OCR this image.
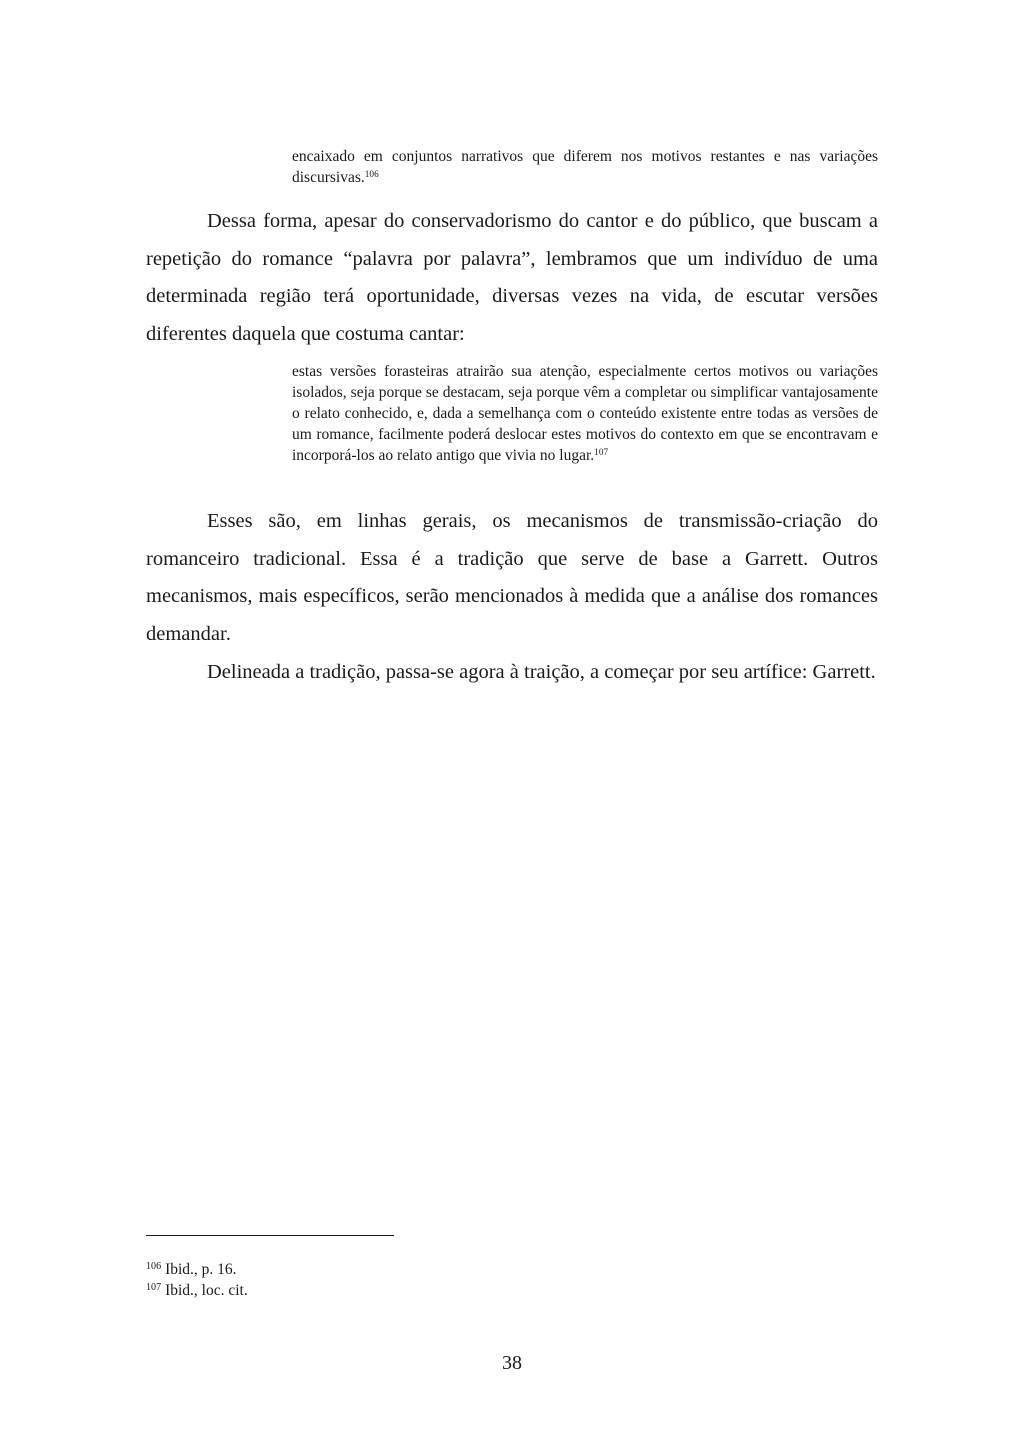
encaixado em conjuntos narrativos que diferem nos motivos restantes e nas variações discursivas.$^{106}$

Dessa forma, apesar do conservadorismo do cantor e do público, que buscam a repetição do romance “palavra por palavra”, lembramos que um indivíduo de uma determinada região terá oportunidade, diversas vezes na vida, de escutar versões diferentes daquela que costuma cantar:

estas versões forasteiras atrairão sua atenção, especialmente certos motivos ou variações isolados, seja porque se destacam, seja porque vêm a completar ou simplificar vantajosamente o relato conhecido, e, dada a semelhança com o conteúdo existente entre todas as versões de um romance, facilmente poderá deslocar estes motivos do contexto em que se encontravam e incorporá-los ao relato antigo que vivia no lugar.$^{107}$

Esses são, em linhas gerais, os mecanismos de transmissão-criação do romanceiro tradicional. Essa é a tradição que serve de base a Garrett. Outros mecanismos, mais específicos, serão mencionados à medida que a análise dos romances demandar.

Delineada a tradição, passa-se agora à traição, a começar por seu artífice: Garrett.

$^{106}$ Ibid., p. 16.

$^{107}$ Ibid., loc. cit.

38
